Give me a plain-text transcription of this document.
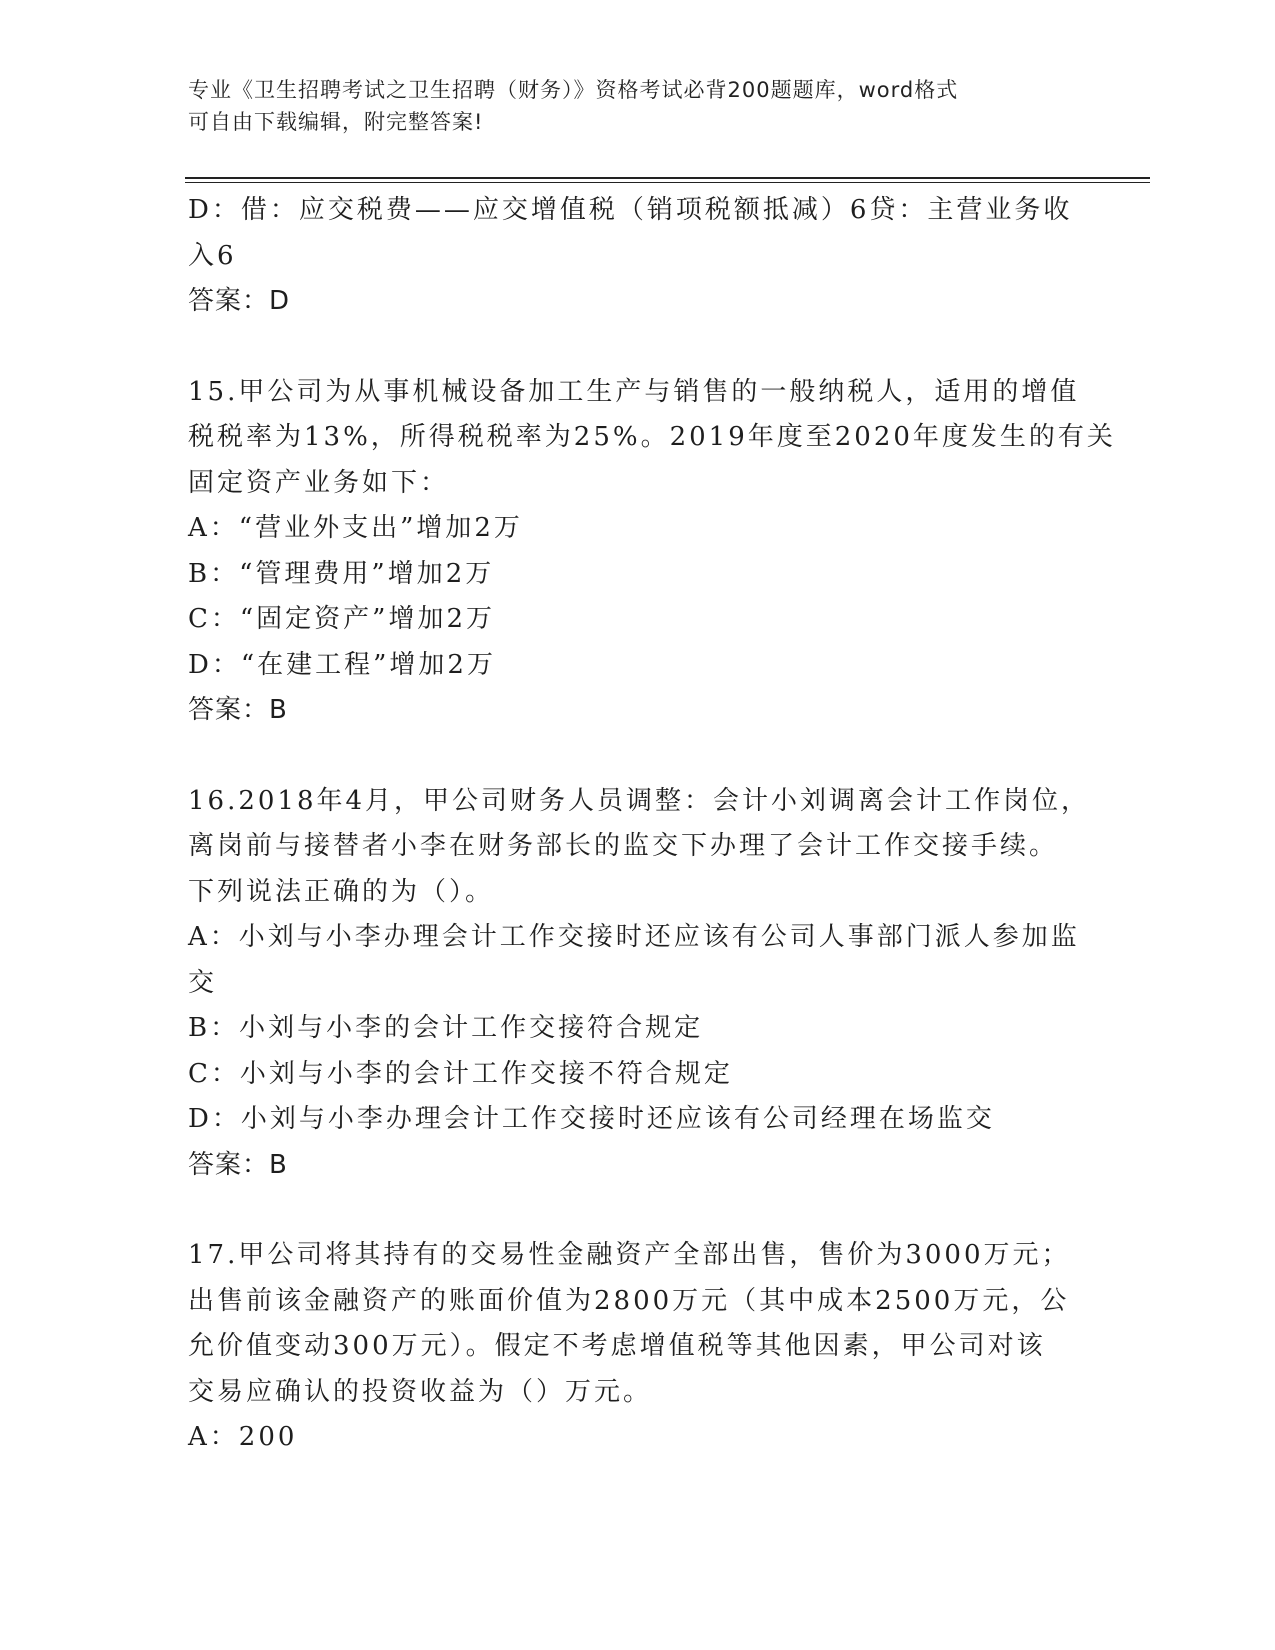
专业《卫生招聘考试之卫生招聘（财务）》资格考试必背200题题库，word格式
可自由下载编辑，附完整答案!
D：借：应交税费——应交增值税（销项税额抵减）6贷：主营业务收
入6
答案：D
15.甲公司为从事机械设备加工生产与销售的一般纳税人，适用的增值
税税率为13%，所得税税率为25%。2019年度至2020年度发生的有关
固定资产业务如下：
A：“营业外支出”增加2万
B：“管理费用”增加2万
C：“固定资产”增加2万
D：“在建工程”增加2万
答案：B
16.2018年4月，甲公司财务人员调整：会计小刘调离会计工作岗位，
离岗前与接替者小李在财务部长的监交下办理了会计工作交接手续。
下列说法正确的为（）。
A：小刘与小李办理会计工作交接时还应该有公司人事部门派人参加监
交
B：小刘与小李的会计工作交接符合规定
C：小刘与小李的会计工作交接不符合规定
D：小刘与小李办理会计工作交接时还应该有公司经理在场监交
答案：B
17.甲公司将其持有的交易性金融资产全部出售，售价为3000万元；
出售前该金融资产的账面价值为2800万元（其中成本2500万元，公
允价值变动300万元）。假定不考虑增值税等其他因素，甲公司对该
交易应确认的投资收益为（）万元。
A：200
